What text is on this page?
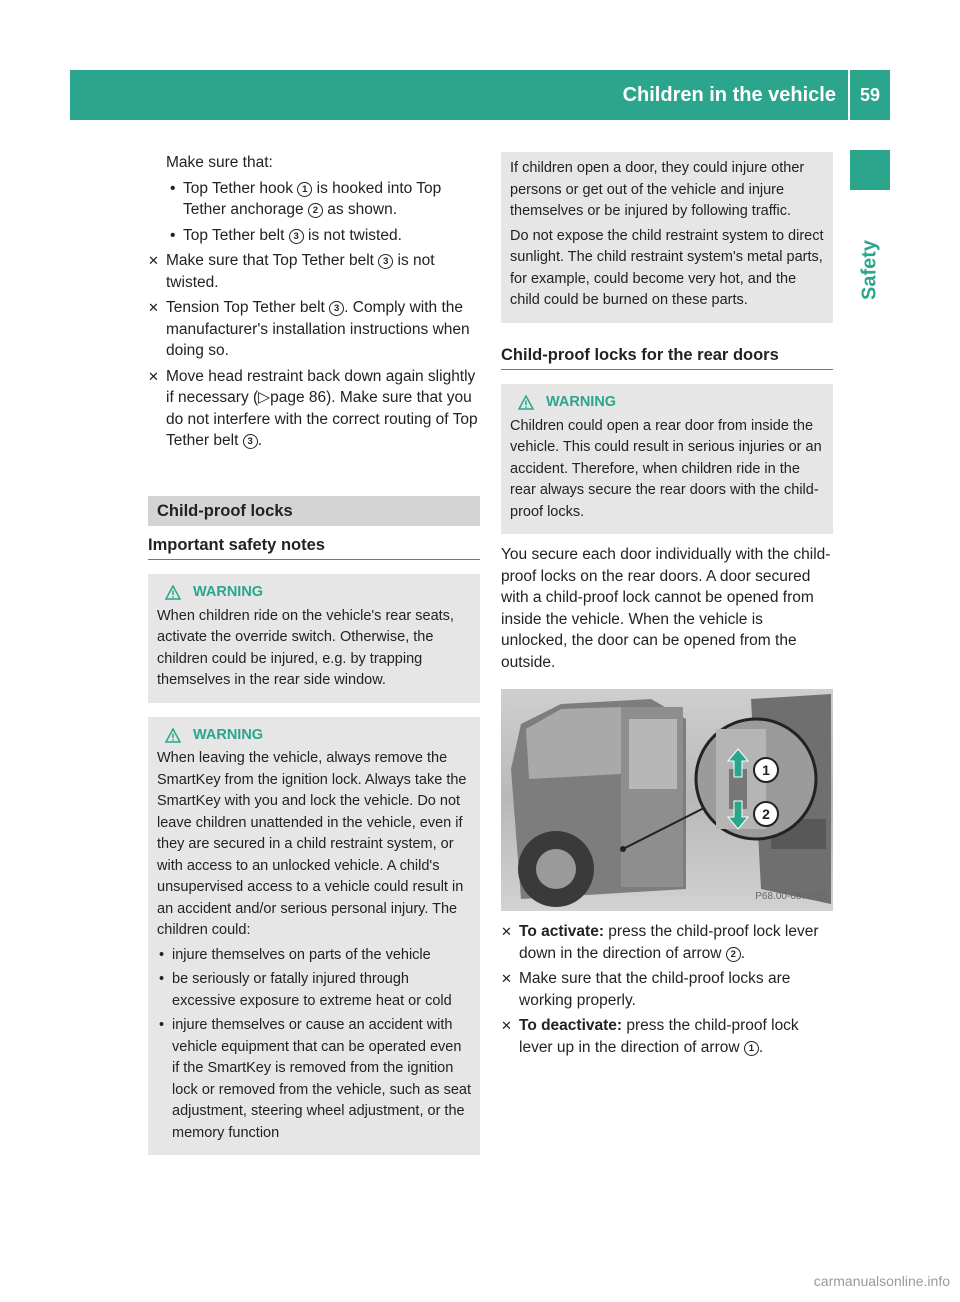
Children in the vehicle	59
Safety

Make sure that:

• Top Tether hook 1 is hooked into Top Tether anchorage 2 as shown.
• Top Tether belt 3 is not twisted.
✕ Make sure that Top Tether belt 3 is not twisted.
✕ Tension Top Tether belt 3 . Comply with the manufacturer's installation instructions when doing so.
✕ Move head restraint back down again slightly if necessary (▷page 86). Make sure that you do not interfere with the correct routing of Top Tether belt 3 .
Child-proof locks
Important safety notes
WARNING

When children ride on the vehicle's rear seats, activate the override switch. Otherwise, the children could be injured, e.g. by trapping themselves in the rear side window.

WARNING

When leaving the vehicle, always remove the SmartKey from the ignition lock. Always take the SmartKey with you and lock the vehicle. Do not leave children unattended in the vehicle, even if they are secured in a child restraint system, or with access to an unlocked vehicle. A child's unsupervised access to a vehicle could result in an accident and/or serious personal injury. The children could:

• injure themselves on parts of the vehicle
• be seriously or fatally injured through excessive exposure to extreme heat or cold
• injure themselves or cause an accident with vehicle equipment that can be operated even if the SmartKey is removed from the ignition lock or removed from the vehicle, such as seat adjustment, steering wheel adjustment, or the memory function

If children open a door, they could injure other persons or get out of the vehicle and injure themselves or be injured by following traffic.

Do not expose the child restraint system to direct sunlight. The child restraint system's metal parts, for example, could become very hot, and the child could be burned on these parts.

Child-proof locks for the rear doors
WARNING

Children could open a rear door from inside the vehicle. This could result in serious injuries or an accident. Therefore, when children ride in the rear always secure the rear doors with the child-proof locks.

You secure each door individually with the child-proof locks on the rear doors. A door secured with a child-proof lock cannot be opened from inside the vehicle. When the vehicle is unlocked, the door can be opened from the outside.

1
2
P68.00-6872-31
✕ To activate: press the child-proof lock lever down in the direction of arrow 2 .
✕ Make sure that the child-proof locks are working properly.
✕ To deactivate: press the child-proof lock lever up in the direction of arrow 1 .
carmanualsonline.info
